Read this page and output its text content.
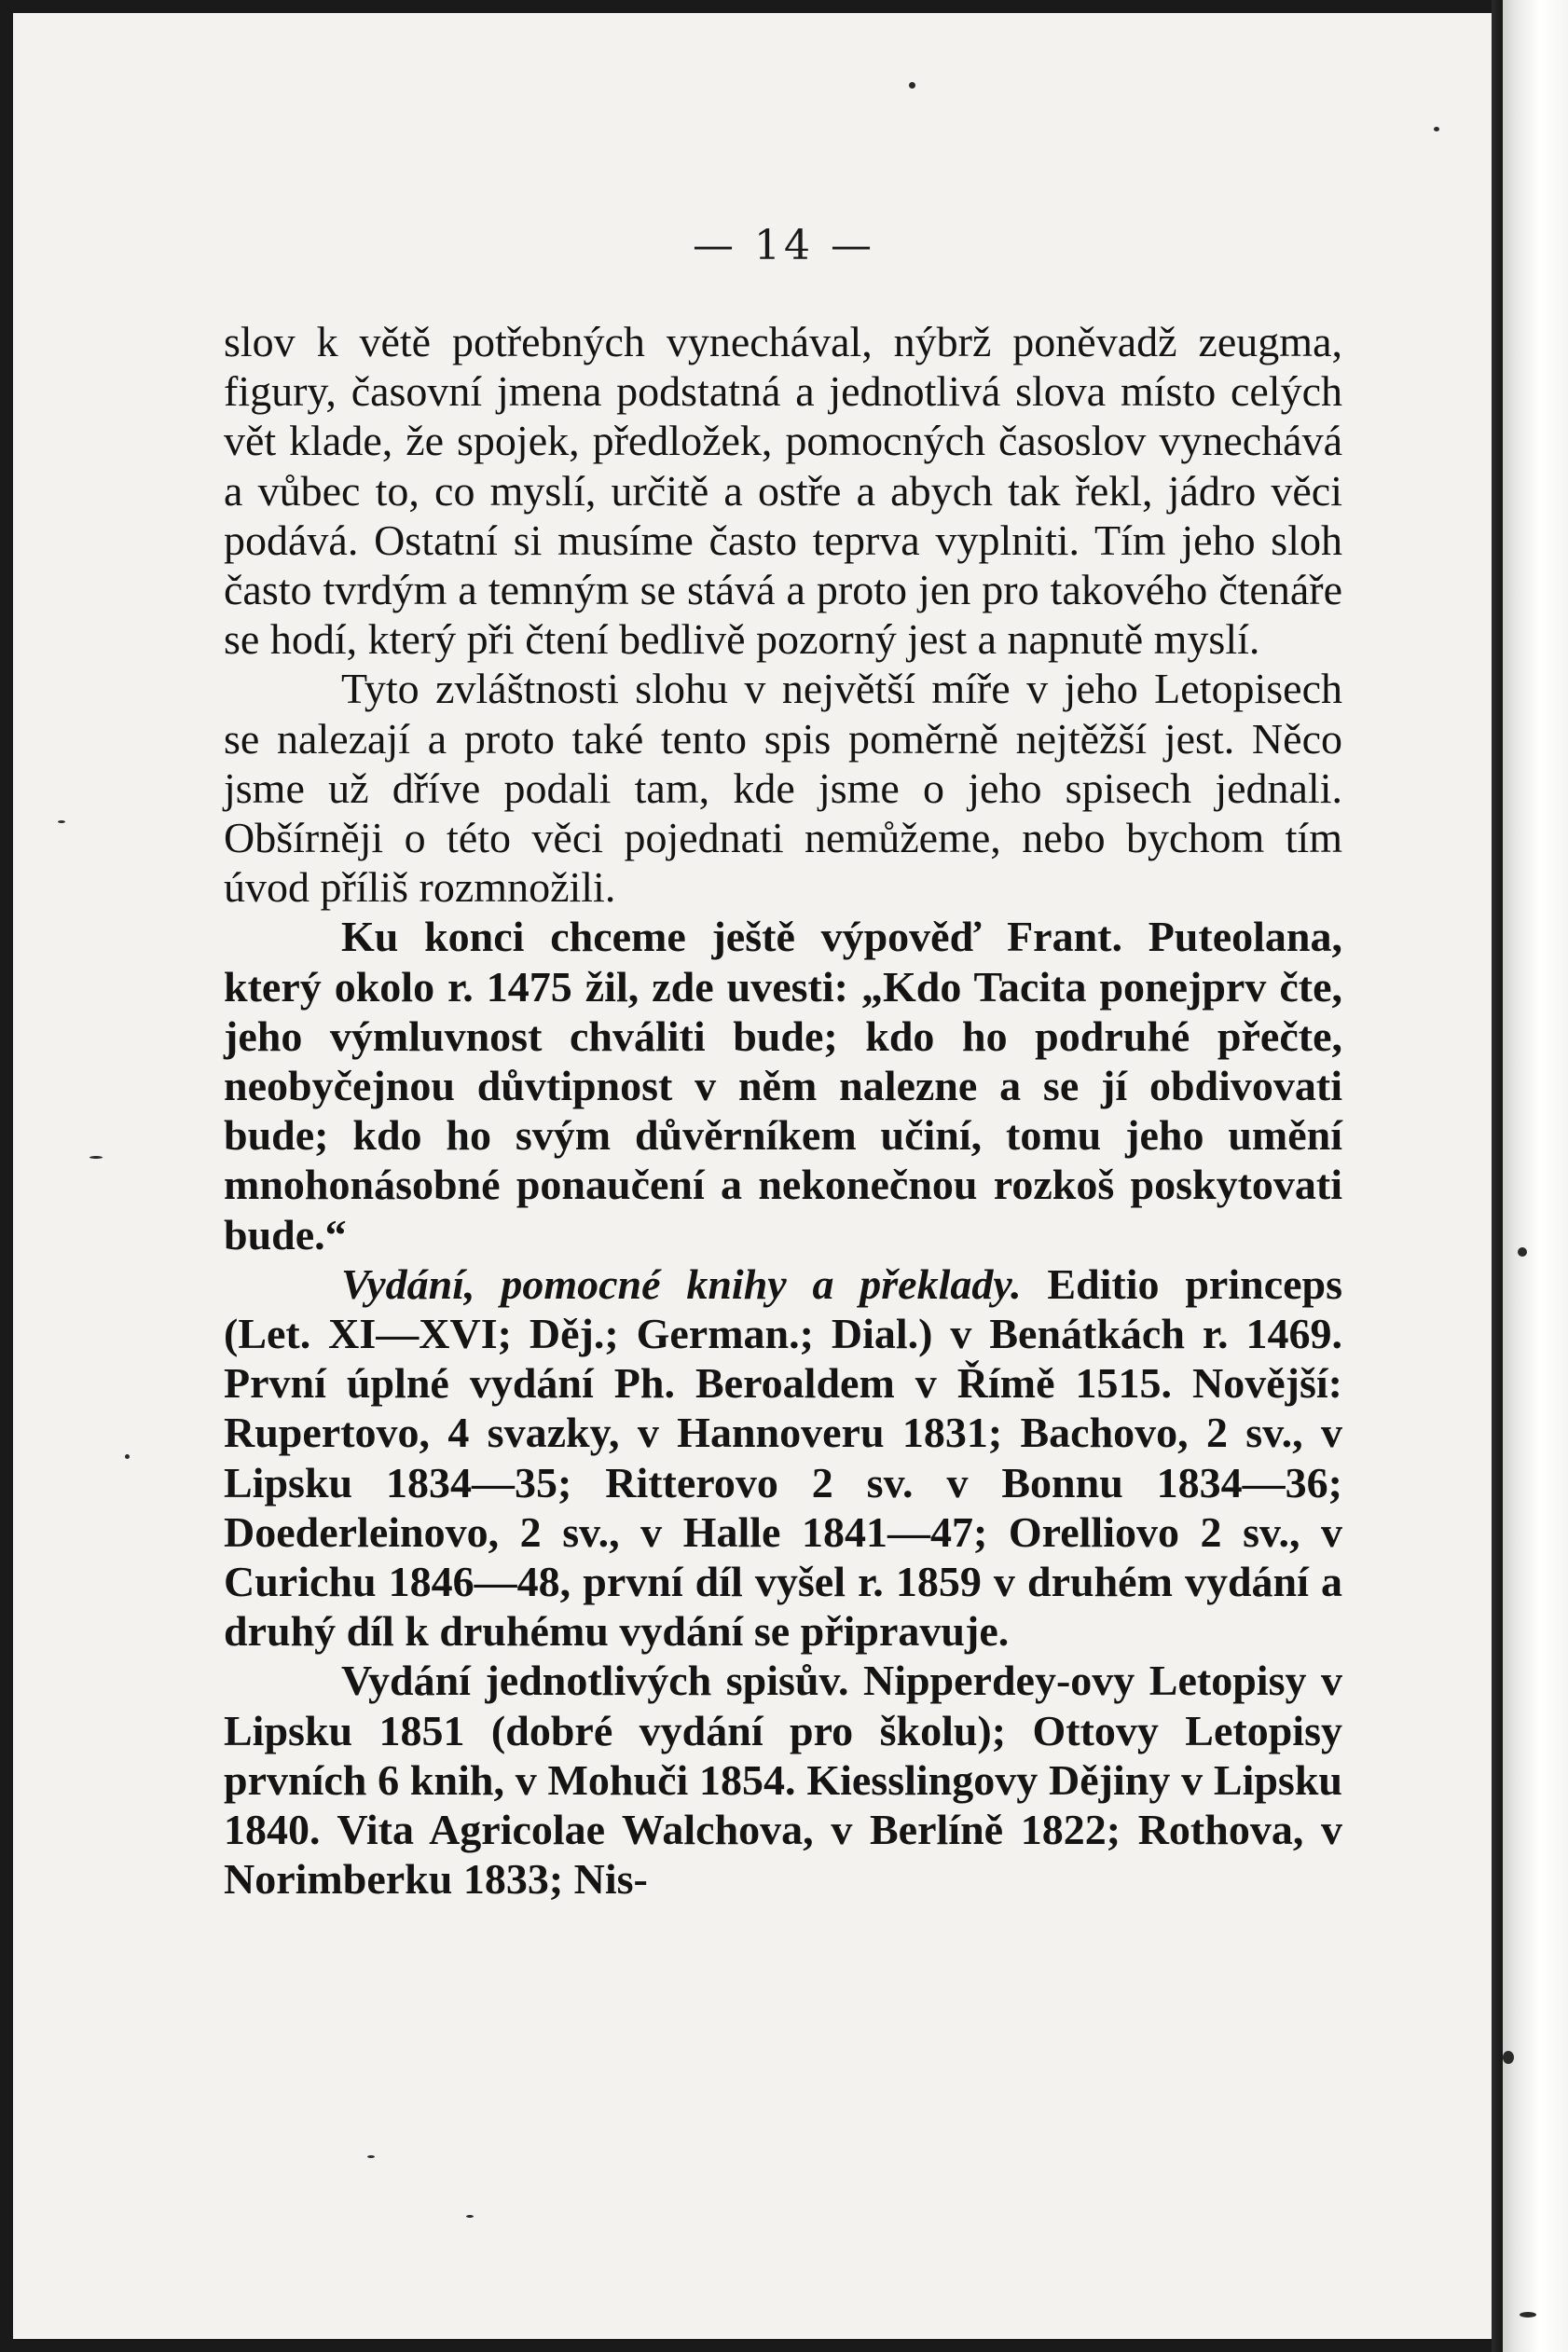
— 14 —

slov k větě potřebných vynechával, nýbrž poněvadž zeugma, figury, časovní jmena podstatná a jednotlivá slova místo celých vět klade, že spojek, předložek, pomocných časoslov vynechává a vůbec to, co myslí, určitě a ostře a abych tak řekl, jádro věci podává. Ostatní si musíme často teprva vyplniti. Tím jeho sloh často tvrdým a temným se stává a proto jen pro takového čtenáře se hodí, který při čtení bedlivě pozorný jest a napnutě myslí.

Tyto zvláštnosti slohu v největší míře v jeho Letopisech se nalezají a proto také tento spis poměrně nejtěžší jest. Něco jsme už dříve podali tam, kde jsme o jeho spisech jednali. Obšírněji o této věci pojednati nemůžeme, nebo bychom tím úvod příliš rozmnožili.

Ku konci chceme ještě výpověď Frant. Puteolana, který okolo r. 1475 žil, zde uvesti: „Kdo Tacita ponejprv čte, jeho výmluvnost chváliti bude; kdo ho podruhé přečte, neobyčejnou důvtipnost v něm nalezne a se jí obdivovati bude; kdo ho svým důvěrníkem učiní, tomu jeho umění mnohonásobné ponaučení a nekonečnou rozkoš poskytovati bude.“

Vydání, pomocné knihy a překlady. Editio princeps (Let. XI—XVI; Děj.; German.; Dial.) v Benátkách r. 1469. První úplné vydání Ph. Beroaldem v Římě 1515. Novější: Rupertovo, 4 svazky, v Hannoveru 1831; Bachovo, 2 sv., v Lipsku 1834—35; Ritterovo 2 sv. v Bonnu 1834—36; Doederleinovo, 2 sv., v Halle 1841—47; Orelliovo 2 sv., v Curichu 1846—48, první díl vyšel r. 1859 v druhém vydání a druhý díl k druhému vydání se připravuje.

Vydání jednotlivých spisův. Nipperdey-ovy Letopisy v Lipsku 1851 (dobré vydání pro školu); Ottovy Letopisy prvních 6 knih, v Mohuči 1854. Kiesslingovy Dějiny v Lipsku 1840. Vita Agricolae Walchova, v Berlíně 1822; Rothova, v Norimberku 1833; Nis-
